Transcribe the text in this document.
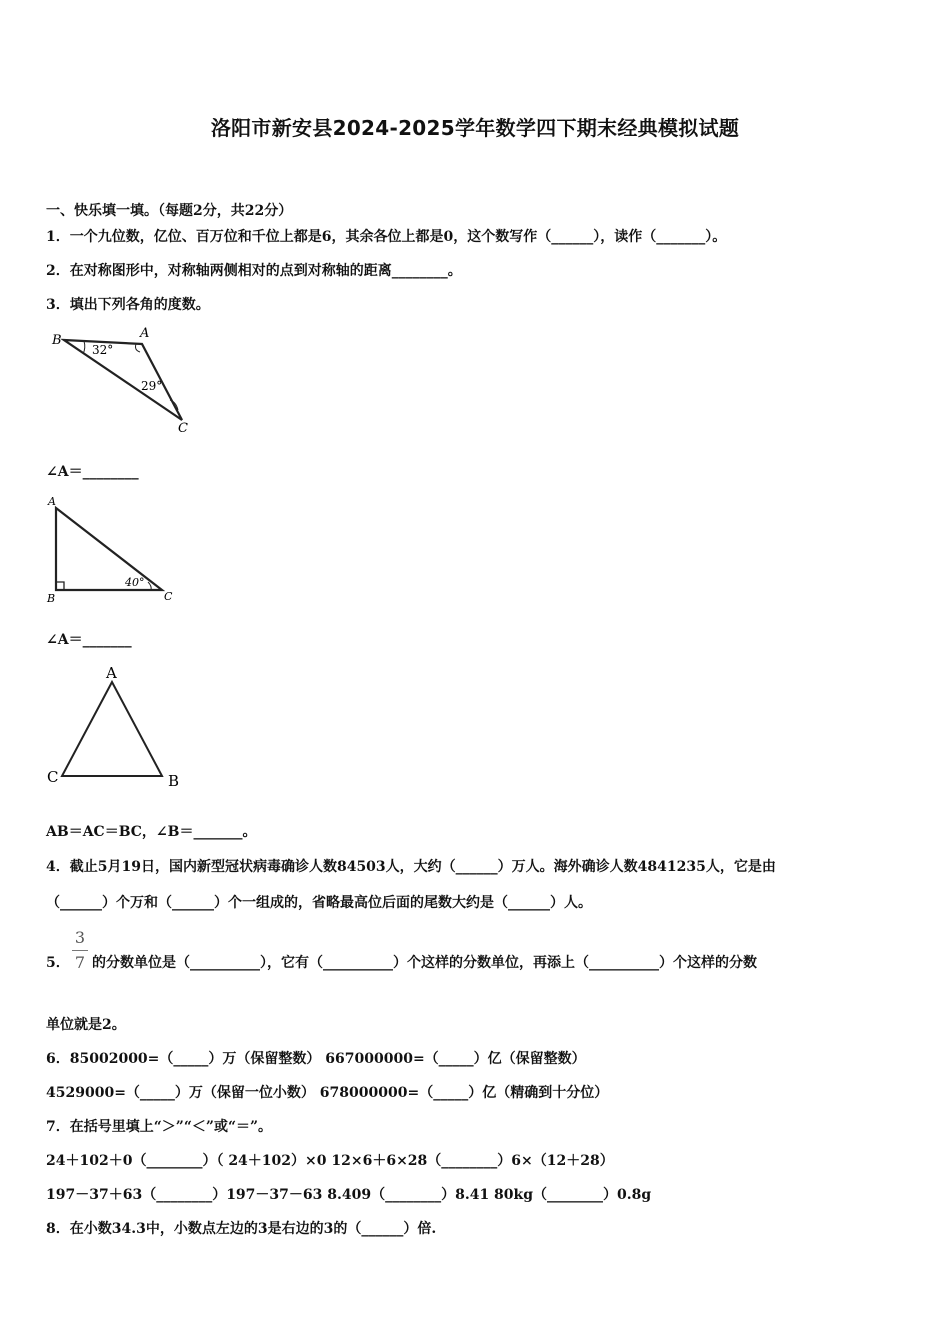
洛阳市新安县2024-2025学年数学四下期末经典模拟试题
一、快乐填一填。（每题2分，共22分）
1．一个九位数，亿位、百万位和千位上都是6，其余各位上都是0，这个数写作（______），读作（_______）。
2．在对称图形中，对称轴两侧相对的点到对称轴的距离________。
3．填出下列各角的度数。
B	A
C
32°
29°
∠A＝________
A
B	C
40°
∠A＝_______
A
C	B
AB＝AC＝BC，∠B＝_______。
4．截止5月19日，国内新型冠状病毒确诊人数84503人，大约（______）万人。海外确诊人数4841235人，它是由
（______）个万和（______）个一组成的，省略最高位后面的尾数大约是（______）人。
5．
3
7 的分数单位是（__________），它有（__________）个这样的分数单位，再添上（__________）个这样的分数
单位就是2。
6．85002000=（_____）万（保留整数） 667000000=（_____）亿（保留整数）
4529000=（_____）万（保留一位小数） 678000000=（_____）亿（精确到十分位）
7．在括号里填上“＞”“＜”或“＝”。
24＋102＋0（________）（ 24＋102）×0 12×6＋6×28（________）6×（12＋28）
197－37＋63（________）197－37－63 8.409（________）8.41 80kg（________）0.8g
8．在小数34.3中，小数点左边的3是右边的3的（______）倍.
